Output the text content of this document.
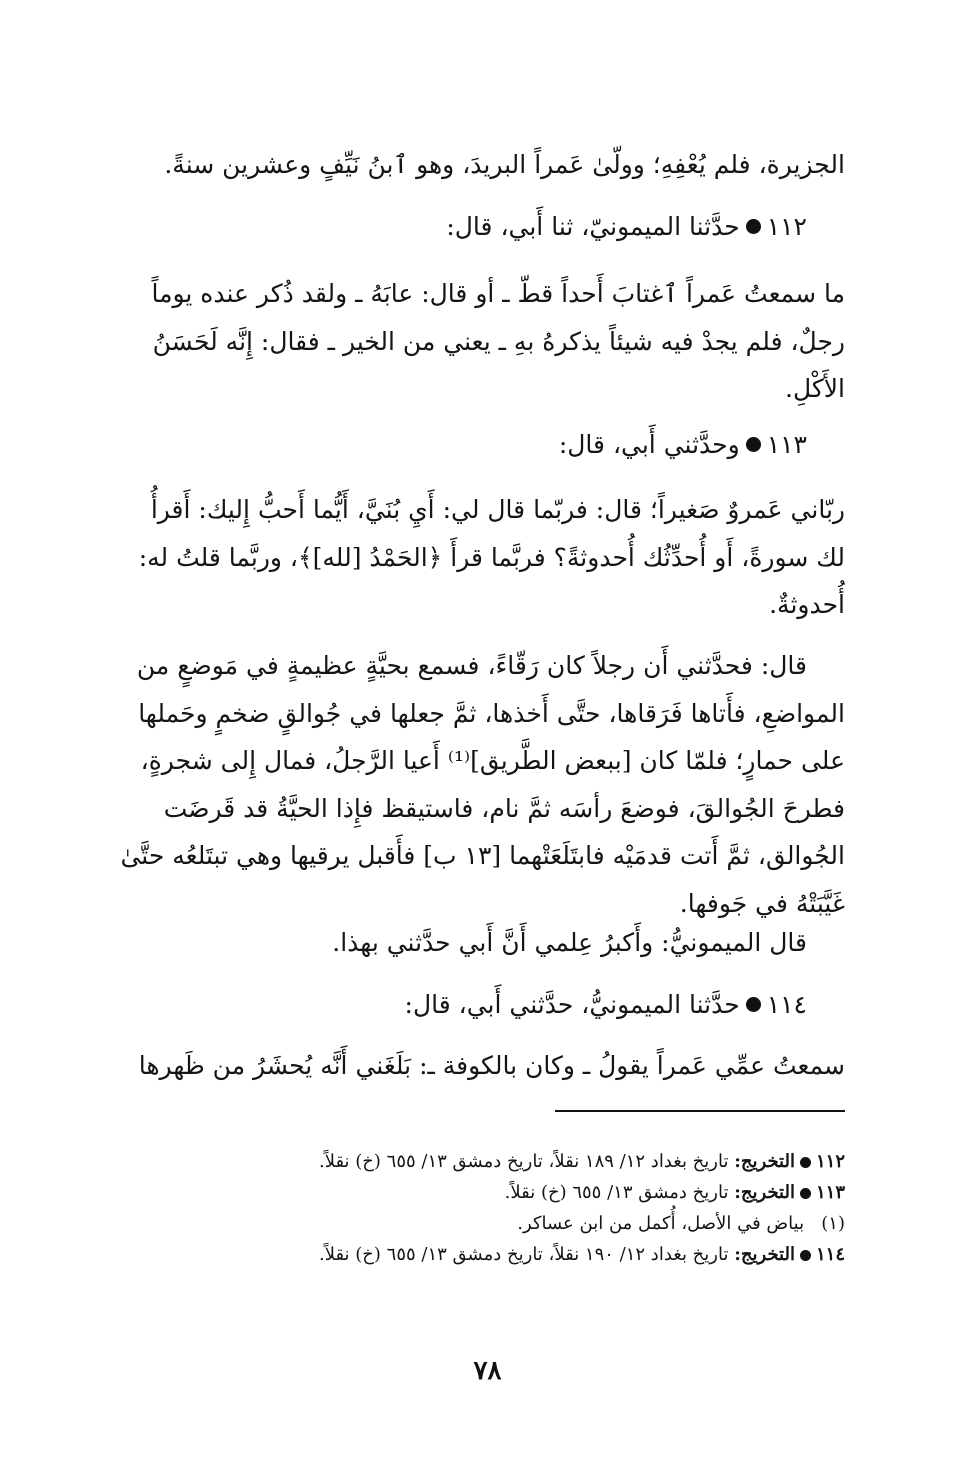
الجزيرة، فلم يُعْفِهِ؛ وولّىٰ عَمراً البريدَ، وهو ٱبنُ نَيِّفٍ وعشرين سنةً.
١١٢حدَّثنا الميمونيّ، ثنا أَبي، قال:
ما سمعتُ عَمراً ٱغتابَ أَحداً قطّ ـ أو قال: عابَهُ ـ ولقد ذُكر عنده يوماً
رجلٌ، فلم يجدْ فيه شيئاً يذكرهُ بهِ ـ يعني من الخير ـ فقال: إِنَّه لَحَسَنُ
الأَكْلِ.
١١٣وحدَّثني أَبي، قال:
ربّاني عَمروٌ صَغيراً؛ قال: فربّما قال لي: أَيِ بُنَيَّ، أَيُّما أَحبُّ إِليك: أَقرأُ
لك سورةً، أَو أُحدِّثُك أُحدوثةً؟ فربَّما قرأَ ﴿الحَمْدُ [لله]﴾، وربَّما قلتُ له:
أُحدوثةٌ.
قال: فحدَّثني أَن رجلاً كان رَقّاءً، فسمع بحيَّةٍ عظيمةٍ في مَوضعٍ من
المواضعِ، فأَتاها فَرَقاها، حتَّى أَخذها، ثمَّ جعلها في جُوالقٍ ضخمٍ وحَملها
على حمارٍ؛ فلمّا كان [ببعض الطَّريق]⁽¹⁾ أَعيا الرَّجلُ، فمال إِلى شجرةٍ،
فطرحَ الجُوالقَ، فوضعَ رأسَه ثمَّ نام، فاستيقظ فإِذا الحيَّةُ قد قَرضَت
الجُوالق، ثمَّ أَتت قدمَيْه فابتَلَعَتْهما [١٣ ب] فأَقبل يرقيها وهي تبتَلعُه حتَّىٰ
غَيَّبَتْهُ في جَوفها.
قال الميمونيُّ: وأَكبرُ عِلمي أَنَّ أَبي حدَّثني بهذا.
١١٤حدَّثنا الميمونيُّ، حدَّثني أَبي، قال:
سمعتُ عمِّي عَمراً يقولُ ـ وكان بالكوفة ـ: بَلَغَني أَنَّه يُحشَرُ من ظَهرها
١١٢التخريج: تاريخ بغداد ١٢/ ١٨٩ نقلاً، تاريخ دمشق ١٣/ ٦٥٥ (خ) نقلاً.
١١٣التخريج: تاريخ دمشق ١٣/ ٦٥٥ (خ) نقلاً.
(١)   بياض في الأصل، أُكمل من ابن عساكر.
١١٤التخريج: تاريخ بغداد ١٢/ ١٩٠ نقلاً، تاريخ دمشق ١٣/ ٦٥٥ (خ) نقلاً.
٧٨
